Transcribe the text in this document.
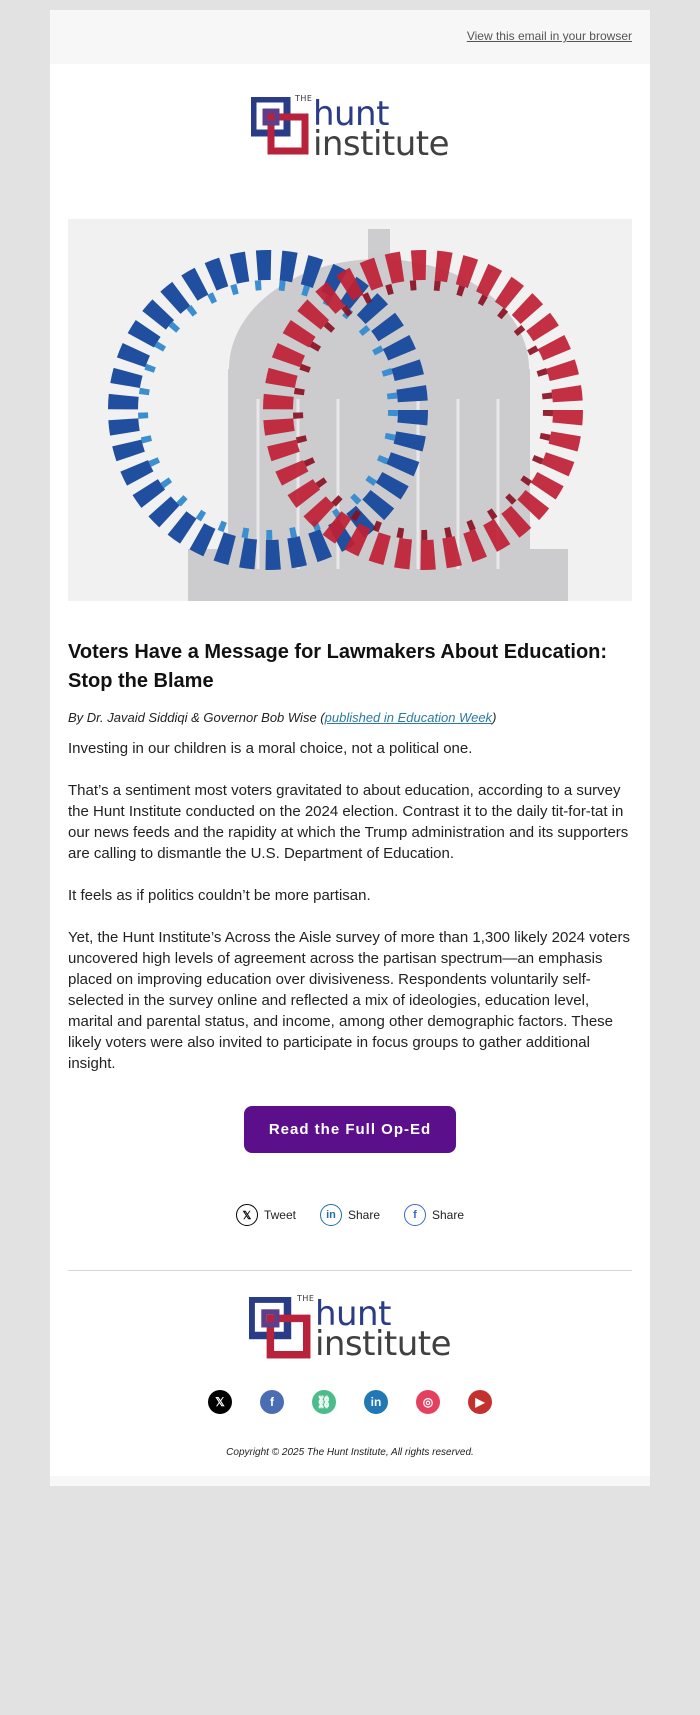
View this email in your browser
THE hunt
institute
Voters Have a Message for Lawmakers About Education: Stop the Blame
By Dr. Javaid Siddiqi & Governor Bob Wise (published in Education Week)

Investing in our children is a moral choice, not a political one.

That’s a sentiment most voters gravitated to about education, according to a survey the Hunt Institute conducted on the 2024 election. Contrast it to the daily tit-for-tat in our news feeds and the rapidity at which the Trump administration and its supporters are calling to dismantle the U.S. Department of Education.

It feels as if politics couldn’t be more partisan.

Yet, the Hunt Institute’s Across the Aisle survey of more than 1,300 likely 2024 voters uncovered high levels of agreement across the partisan spectrum—an emphasis placed on improving education over divisiveness. Respondents voluntarily self-selected in the survey online and reflected a mix of ideologies, education level, marital and parental status, and income, among other demographic factors. These likely voters were also invited to participate in focus groups to gather additional insight.

Read the Full Op-Ed
𝕏	Tweet	in	Share	f	Share
THE hunt
institute
𝕏	f	⛓	in	◎	▶
Copyright © 2025 The Hunt Institute, All rights reserved.
